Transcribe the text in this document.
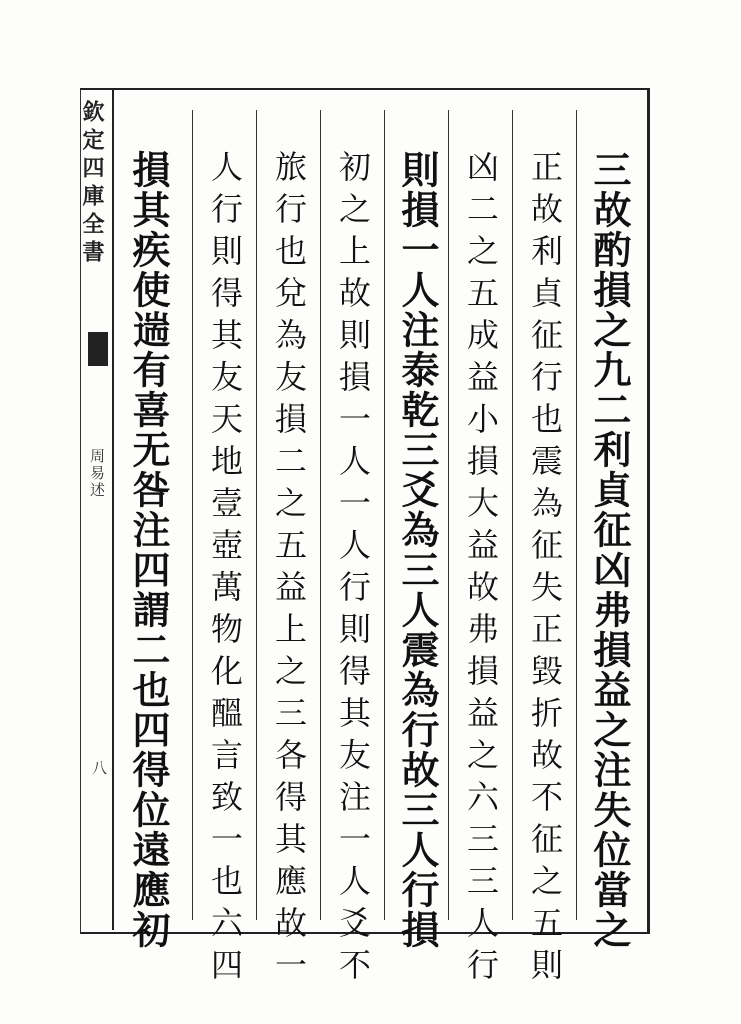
欽定四庫全書
周易述
八	三故酌損之九二利貞征凶弗損益之注失位當之
正故利貞征行也震為征失正毀折故不征之五則
凶二之五成益小損大益故弗損益之六三三人行
則損一人注泰乾三爻為三人震為行故三人行損
初之上故則損一人一人行則得其友注一人爻不
旅行也兌為友損二之五益上之三各得其應故一
人行則得其友天地壹壺萬物化醞言致一也六四
損其疾使遄有喜无咎注四謂二也四得位遠應初
